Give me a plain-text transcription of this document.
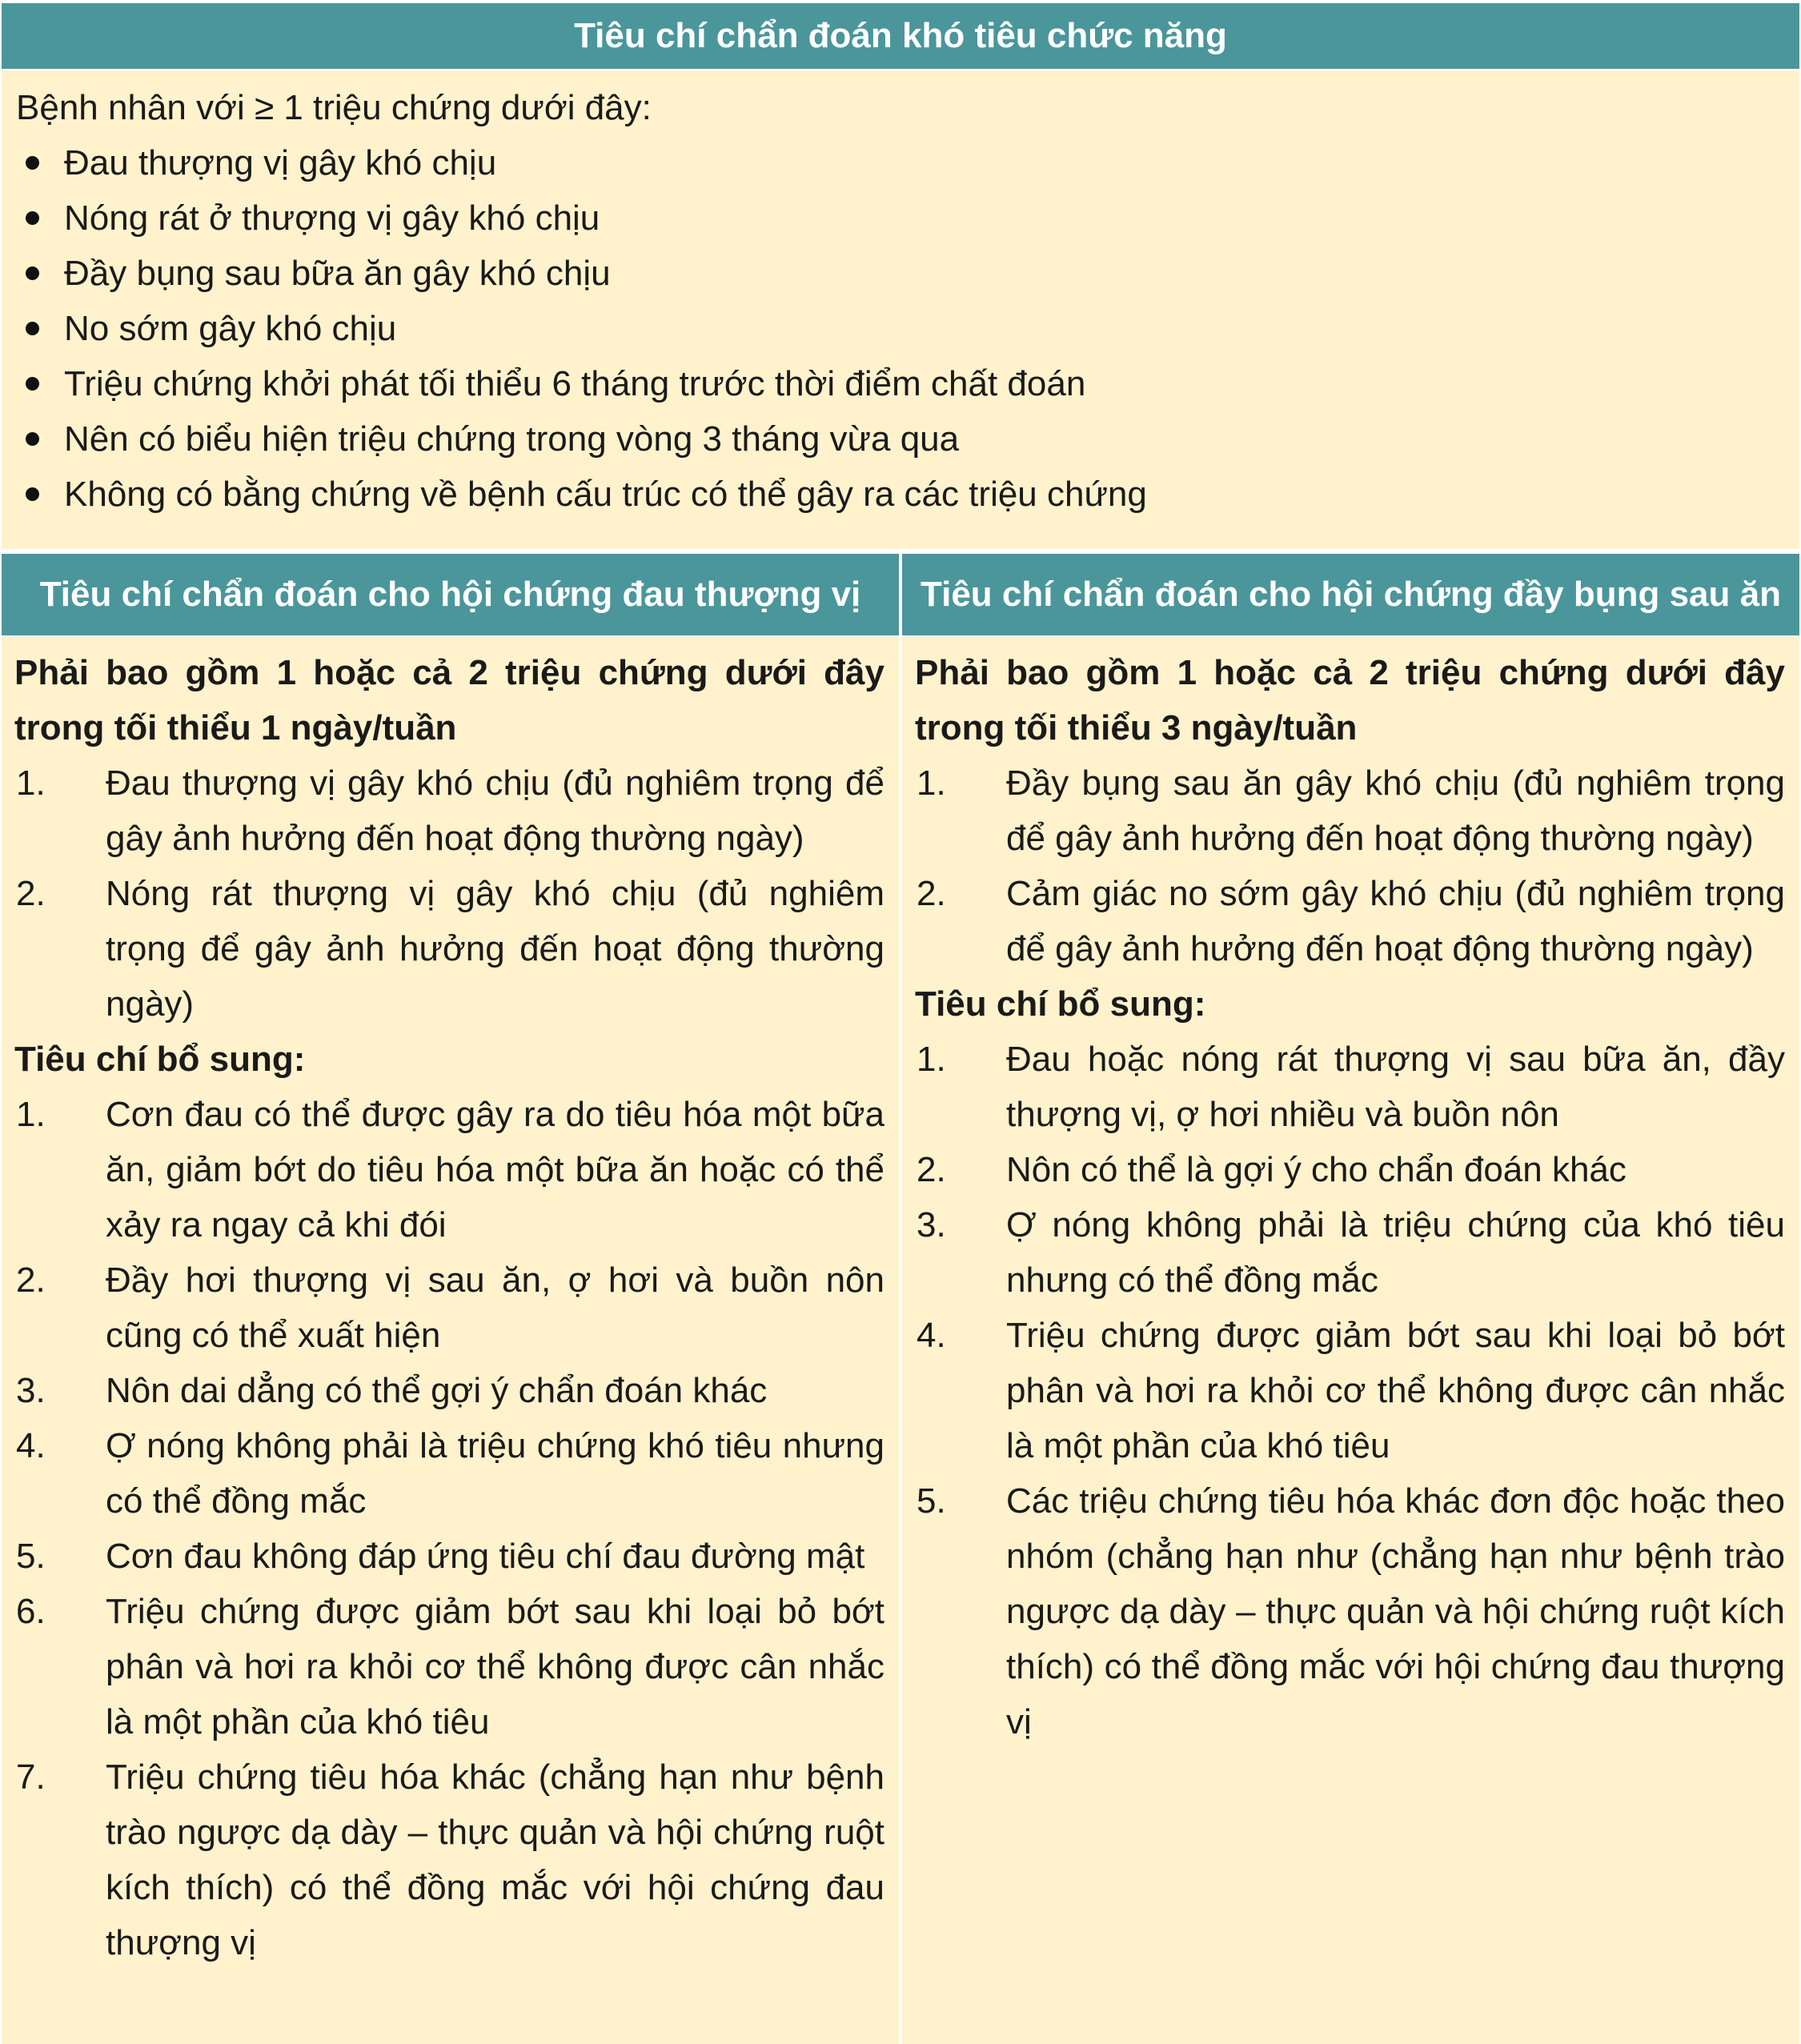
Tiêu chí chẩn đoán khó tiêu chức năng

Bệnh nhân với ≥ 1 triệu chứng dưới đây:

Đau thượng vị gây khó chịu
Nóng rát ở thượng vị gây khó chịu
Đầy bụng sau bữa ăn gây khó chịu
No sớm gây khó chịu
Triệu chứng khởi phát tối thiểu 6 tháng trước thời điểm chất đoán
Nên có biểu hiện triệu chứng trong vòng 3 tháng vừa qua
Không có bằng chứng về bệnh cấu trúc có thể gây ra các triệu chứng
Tiêu chí chẩn đoán cho hội chứng đau thượng vị	Tiêu chí chẩn đoán cho hội chứng đầy bụng sau ăn

Phải bao gồm 1 hoặc cả 2 triệu chứng dưới đây trong tối thiểu 1 ngày/tuần

1. Đau thượng vị gây khó chịu (đủ nghiêm trọng để gây ảnh hưởng đến hoạt động thường ngày)
2. Nóng rát thượng vị gây khó chịu (đủ nghiêm trọng để gây ảnh hưởng đến hoạt động thường ngày)

Tiêu chí bổ sung:

1. Cơn đau có thể được gây ra do tiêu hóa một bữa ăn, giảm bớt do tiêu hóa một bữa ăn hoặc có thể xảy ra ngay cả khi đói
2. Đầy hơi thượng vị sau ăn, ợ hơi và buồn nôn cũng có thể xuất hiện
3. Nôn dai dẳng có thể gợi ý chẩn đoán khác
4. Ợ nóng không phải là triệu chứng khó tiêu nhưng có thể đồng mắc
5. Cơn đau không đáp ứng tiêu chí đau đường mật
6. Triệu chứng được giảm bớt sau khi loại bỏ bớt phân và hơi ra khỏi cơ thể không được cân nhắc là một phần của khó tiêu
7. Triệu chứng tiêu hóa khác (chẳng hạn như bệnh trào ngược dạ dày – thực quản và hội chứng ruột kích thích) có thể đồng mắc với hội chứng đau thượng vị

Phải bao gồm 1 hoặc cả 2 triệu chứng dưới đây trong tối thiểu 3 ngày/tuần

1. Đầy bụng sau ăn gây khó chịu (đủ nghiêm trọng để gây ảnh hưởng đến hoạt động thường ngày)
2. Cảm giác no sớm gây khó chịu (đủ nghiêm trọng để gây ảnh hưởng đến hoạt động thường ngày)

Tiêu chí bổ sung:

1. Đau hoặc nóng rát thượng vị sau bữa ăn, đầy thượng vị, ợ hơi nhiều và buồn nôn
2. Nôn có thể là gợi ý cho chẩn đoán khác
3. Ợ nóng không phải là triệu chứng của khó tiêu nhưng có thể đồng mắc
4. Triệu chứng được giảm bớt sau khi loại bỏ bớt phân và hơi ra khỏi cơ thể không được cân nhắc là một phần của khó tiêu
5. Các triệu chứng tiêu hóa khác đơn độc hoặc theo nhóm (chẳng hạn như (chẳng hạn như bệnh trào ngược dạ dày – thực quản và hội chứng ruột kích thích) có thể đồng mắc với hội chứng đau thượng vị
